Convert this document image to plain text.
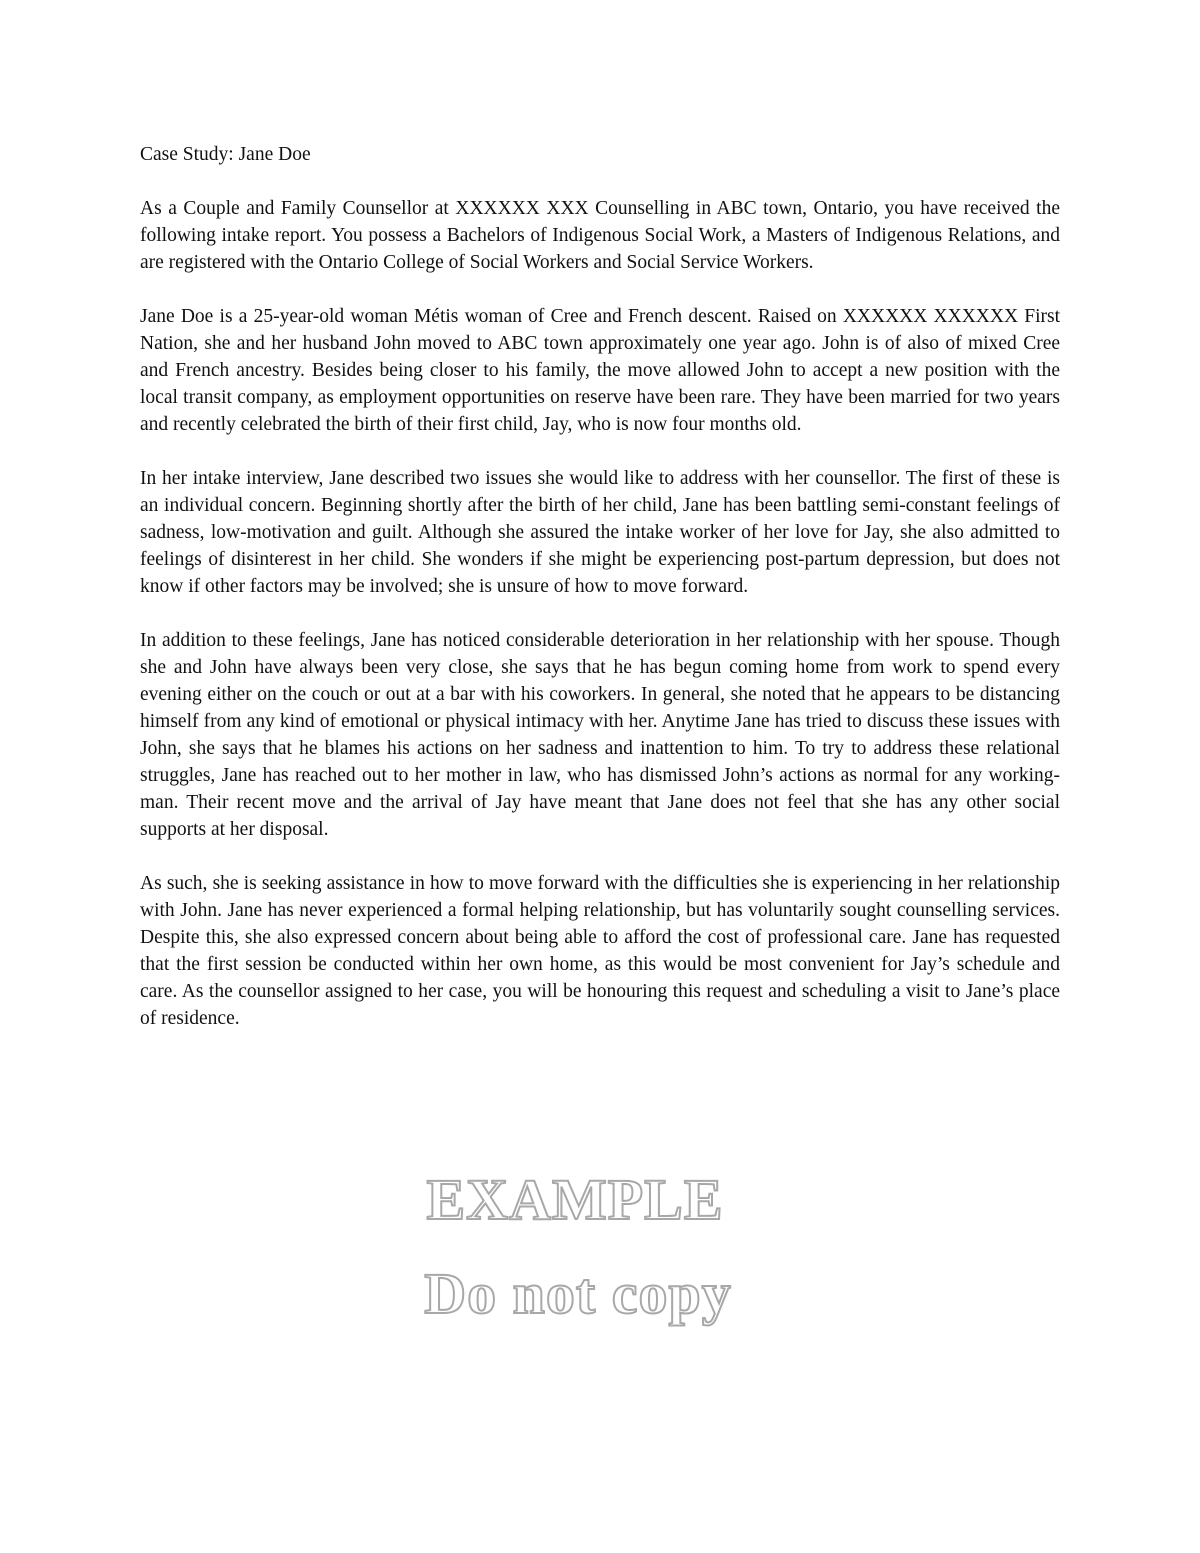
Case Study: Jane Doe

As a Couple and Family Counsellor at XXXXXX XXX Counselling in ABC town, Ontario, you have received the following intake report. You possess a Bachelors of Indigenous Social Work, a Masters of Indigenous Relations, and are registered with the Ontario College of Social Workers and Social Service Workers.

Jane Doe is a 25-year-old woman Métis woman of Cree and French descent. Raised on XXXXXX XXXXXX First Nation, she and her husband John moved to ABC town approximately one year ago. John is of also of mixed Cree and French ancestry. Besides being closer to his family, the move allowed John to accept a new position with the local transit company, as employment opportunities on reserve have been rare. They have been married for two years and recently celebrated the birth of their first child, Jay, who is now four months old.

In her intake interview, Jane described two issues she would like to address with her counsellor. The first of these is an individual concern. Beginning shortly after the birth of her child, Jane has been battling semi-constant feelings of sadness, low-motivation and guilt. Although she assured the intake worker of her love for Jay, she also admitted to feelings of disinterest in her child. She wonders if she might be experiencing post-partum depression, but does not know if other factors may be involved; she is unsure of how to move forward.

In addition to these feelings, Jane has noticed considerable deterioration in her relationship with her spouse. Though she and John have always been very close, she says that he has begun coming home from work to spend every evening either on the couch or out at a bar with his coworkers. In general, she noted that he appears to be distancing himself from any kind of emotional or physical intimacy with her. Anytime Jane has tried to discuss these issues with John, she says that he blames his actions on her sadness and inattention to him. To try to address these relational struggles, Jane has reached out to her mother in law, who has dismissed John’s actions as normal for any working-man. Their recent move and the arrival of Jay have meant that Jane does not feel that she has any other social supports at her disposal.

As such, she is seeking assistance in how to move forward with the difficulties she is experiencing in her relationship with John. Jane has never experienced a formal helping relationship, but has voluntarily sought counselling services. Despite this, she also expressed concern about being able to afford the cost of professional care. Jane has requested that the first session be conducted within her own home, as this would be most convenient for Jay’s schedule and care. As the counsellor assigned to her case, you will be honouring this request and scheduling a visit to Jane’s place of residence.

EXAMPLE
Do not copy
